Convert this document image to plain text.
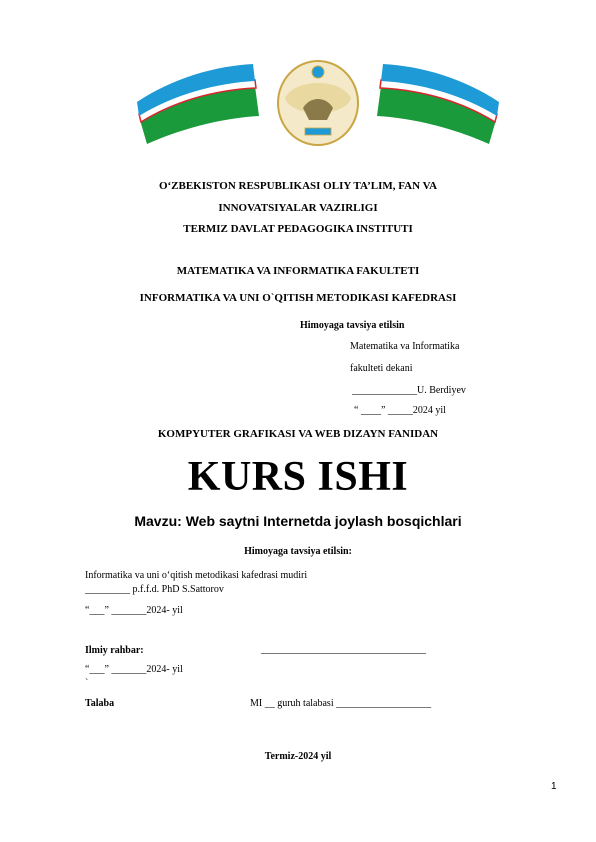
O‘ZBEKISTON RESPUBLIKASI OLIY TA’LIM, FAN VA
INNOVATSIYALAR VAZIRLIGI
TERMIZ DAVLAT PEDAGOGIKA INSTITUTI
MATEMATIKA VA INFORMATIKA FAKULTETI
INFORMATIKA VA UNI O`QITISH METODIKASI KAFEDRASI
Himoyaga tavsiya etilsin
Matematika va Informatika
fakulteti dekani
_____________U. Berdiyev
“ ____” _____2024 yil
KOMPYUTER GRAFIKASI VA WEB DIZAYN FANIDAN
KURS ISHI
Mavzu: Web saytni Internetda joylash bosqichlari
Himoyaga tavsiya etilsin:
Informatika va uni o‘qitish metodikasi kafedrasi mudiri
_________ p.f.f.d. PhD S.Sattorov
“___” _______2024- yil
Ilmiy rahbar:	_________________________________
“___” _______2024- yil
`
Talaba	MI __ guruh talabasi ___________________
Termiz-2024 yil
1
